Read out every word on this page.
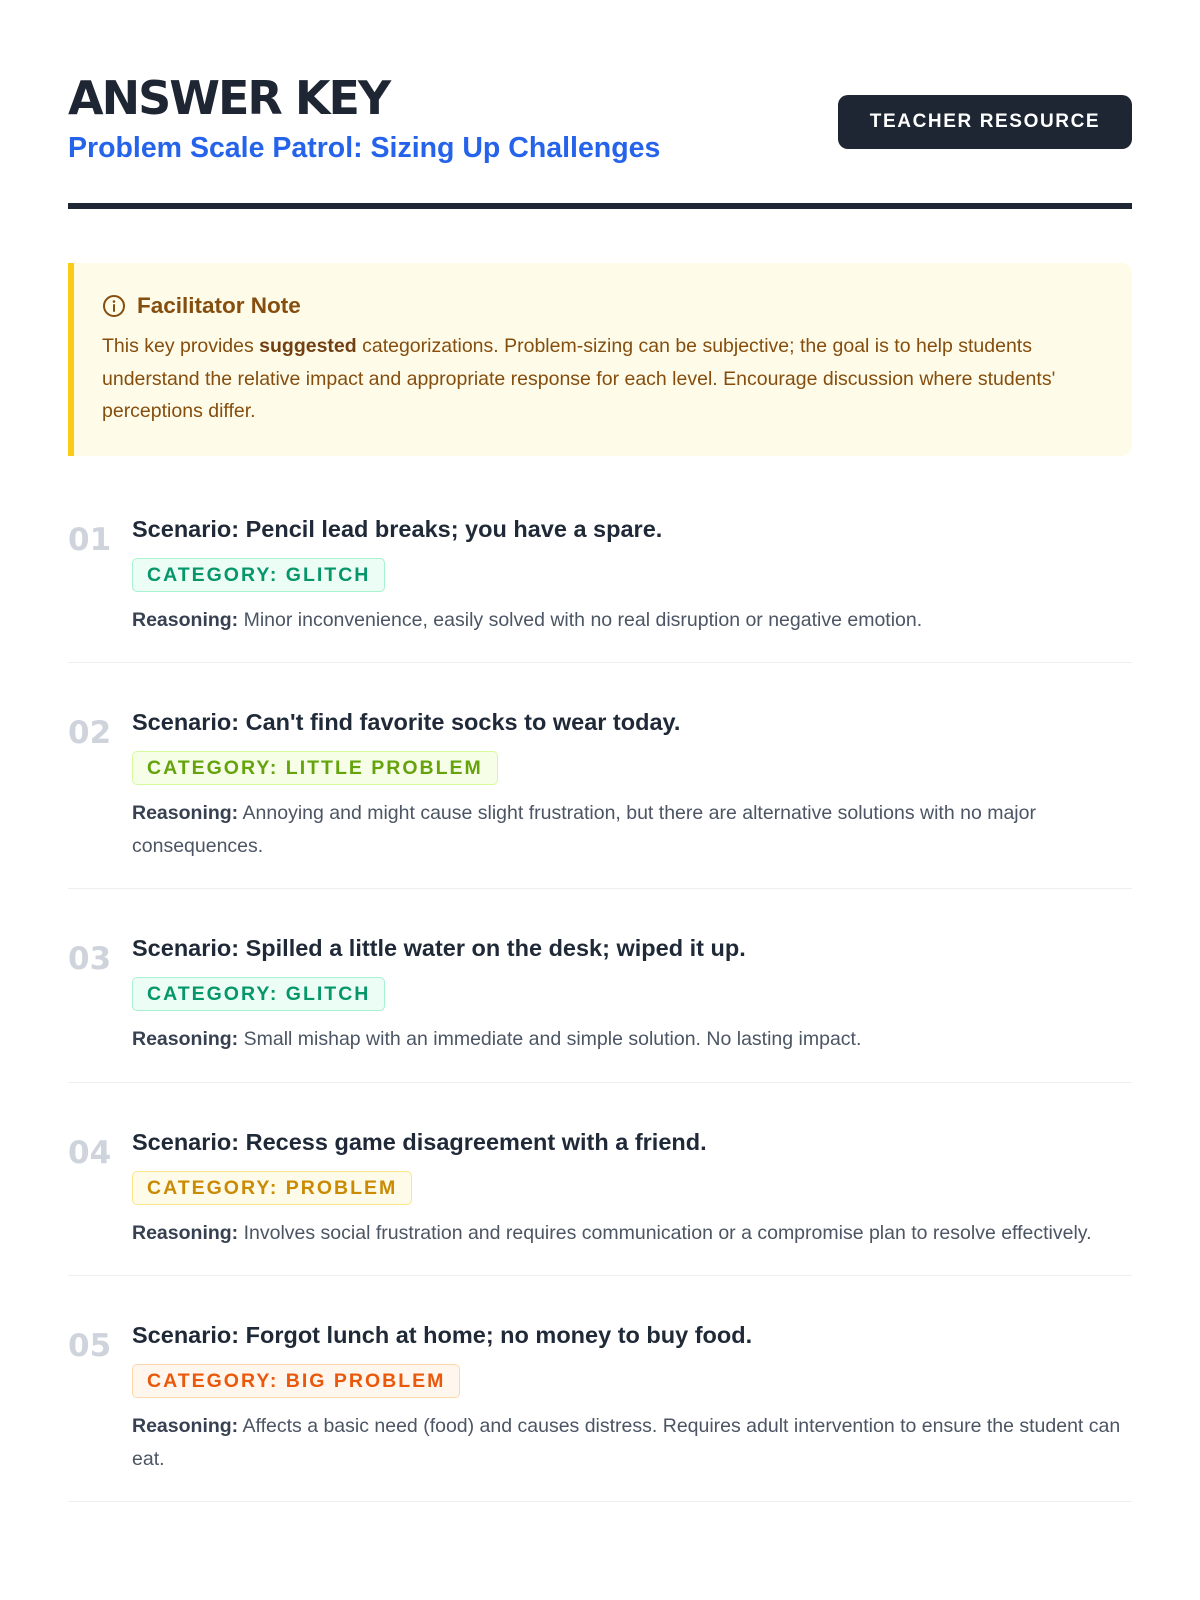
ANSWER KEY
Problem Scale Patrol: Sizing Up Challenges
TEACHER RESOURCE
Facilitator Note
This key provides suggested categorizations. Problem-sizing can be subjective; the goal is to help students understand the relative impact and appropriate response for each level. Encourage discussion where students' perceptions differ.
01 Scenario: Pencil lead breaks; you have a spare.
CATEGORY: GLITCH
Reasoning: Minor inconvenience, easily solved with no real disruption or negative emotion.
02 Scenario: Can't find favorite socks to wear today.
CATEGORY: LITTLE PROBLEM
Reasoning: Annoying and might cause slight frustration, but there are alternative solutions with no major consequences.
03 Scenario: Spilled a little water on the desk; wiped it up.
CATEGORY: GLITCH
Reasoning: Small mishap with an immediate and simple solution. No lasting impact.
04 Scenario: Recess game disagreement with a friend.
CATEGORY: PROBLEM
Reasoning: Involves social frustration and requires communication or a compromise plan to resolve effectively.
05 Scenario: Forgot lunch at home; no money to buy food.
CATEGORY: BIG PROBLEM
Reasoning: Affects a basic need (food) and causes distress. Requires adult intervention to ensure the student can eat.
